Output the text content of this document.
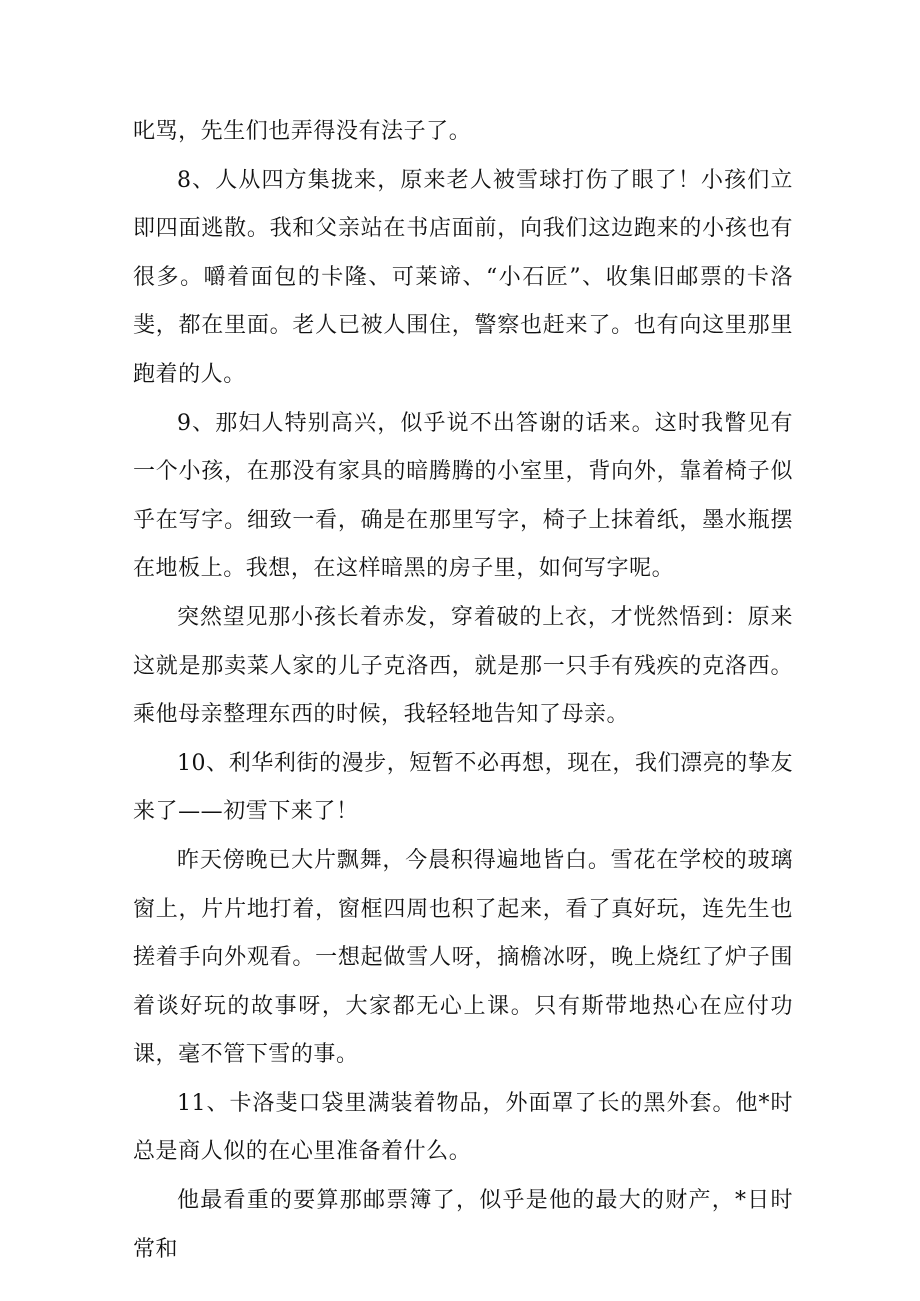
叱骂，先生们也弄得没有法子了。

8、人从四方集拢来，原来老人被雪球打伤了眼了！小孩们立即四面逃散。我和父亲站在书店面前，向我们这边跑来的小孩也有很多。嚼着面包的卡隆、可莱谛、“小石匠”、收集旧邮票的卡洛斐，都在里面。老人已被人围住，警察也赶来了。也有向这里那里跑着的人。

9、那妇人特别高兴，似乎说不出答谢的话来。这时我瞥见有一个小孩，在那没有家具的暗腾腾的小室里，背向外，靠着椅子似乎在写字。细致一看，确是在那里写字，椅子上抹着纸，墨水瓶摆在地板上。我想，在这样暗黑的房子里，如何写字呢。

突然望见那小孩长着赤发，穿着破的上衣，才恍然悟到：原来这就是那卖菜人家的儿子克洛西，就是那一只手有残疾的克洛西。乘他母亲整理东西的时候，我轻轻地告知了母亲。

10、利华利街的漫步，短暂不必再想，现在，我们漂亮的挚友来了——初雪下来了！

昨天傍晚已大片飘舞，今晨积得遍地皆白。雪花在学校的玻璃窗上，片片地打着，窗框四周也积了起来，看了真好玩，连先生也搓着手向外观看。一想起做雪人呀，摘檐冰呀，晚上烧红了炉子围着谈好玩的故事呀，大家都无心上课。只有斯带地热心在应付功课，毫不管下雪的事。

11、卡洛斐口袋里满装着物品，外面罩了长的黑外套。他*时总是商人似的在心里准备着什么。

他最看重的要算那邮票簿了，似乎是他的最大的财产，*日时常和
